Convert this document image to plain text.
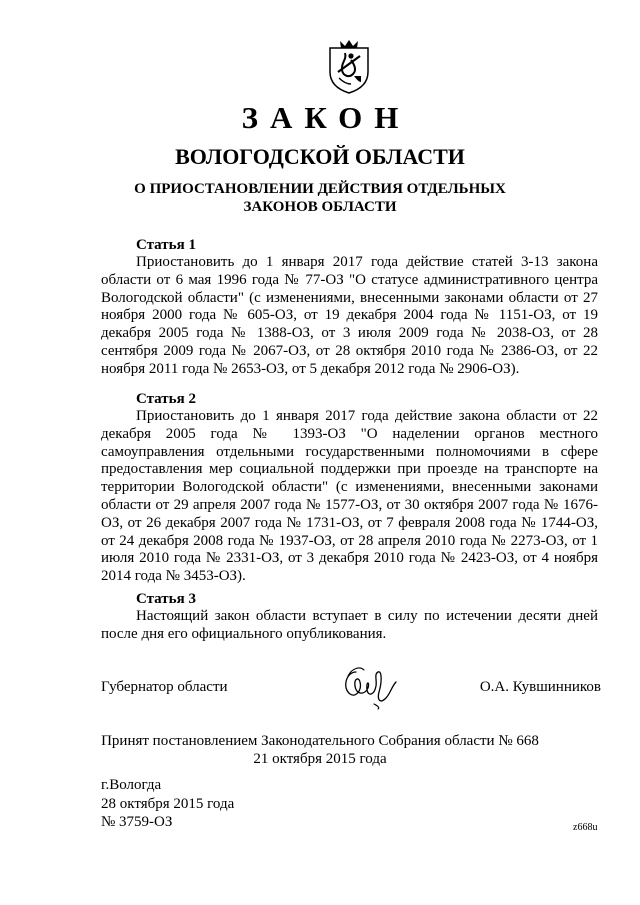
ЗАКОН
ВОЛОГОДСКОЙ ОБЛАСТИ
О ПРИОСТАНОВЛЕНИИ ДЕЙСТВИЯ ОТДЕЛЬНЫХ
ЗАКОНОВ ОБЛАСТИ

Статья 1

Приостановить до 1 января 2017 года действие статей 3-13 закона области от 6 мая 1996 года № 77-ОЗ "О статусе административного центра Вологодской области" (с изменениями, внесенными законами области от 27 ноября 2000 года № 605-ОЗ, от 19 декабря 2004 года № 1151-ОЗ, от 19 декабря 2005 года № 1388-ОЗ, от 3 июля 2009 года № 2038-ОЗ, от 28 сентября 2009 года № 2067-ОЗ, от 28 октября 2010 года № 2386-ОЗ, от 22 ноября 2011 года № 2653-ОЗ, от 5 декабря 2012 года № 2906-ОЗ).

Статья 2

Приостановить до 1 января 2017 года действие закона области от 22 декабря 2005 года № 1393-ОЗ "О наделении органов местного самоуправления отдельными государственными полномочиями в сфере предоставления мер социальной поддержки при проезде на транспорте на территории Вологодской области" (с изменениями, внесенными законами области от 29 апреля 2007 года № 1577-ОЗ, от 30 октября 2007 года № 1676-ОЗ, от 26 декабря 2007 года № 1731-ОЗ, от 7 февраля 2008 года № 1744-ОЗ, от 24 декабря 2008 года № 1937-ОЗ, от 28 апреля 2010 года № 2273-ОЗ, от 1 июля 2010 года № 2331-ОЗ, от 3 декабря 2010 года № 2423-ОЗ, от 4 ноября 2014 года № 3453-ОЗ).

Статья 3

Настоящий закон области вступает в силу по истечении десяти дней после дня его официального опубликования.

Губернатор области	О.А. Кувшинников

Принят постановлением Законодательного Собрания области № 668

21 октября 2015 года

г.Вологда
28 октября 2015 года
№ 3759-ОЗ	z668u
